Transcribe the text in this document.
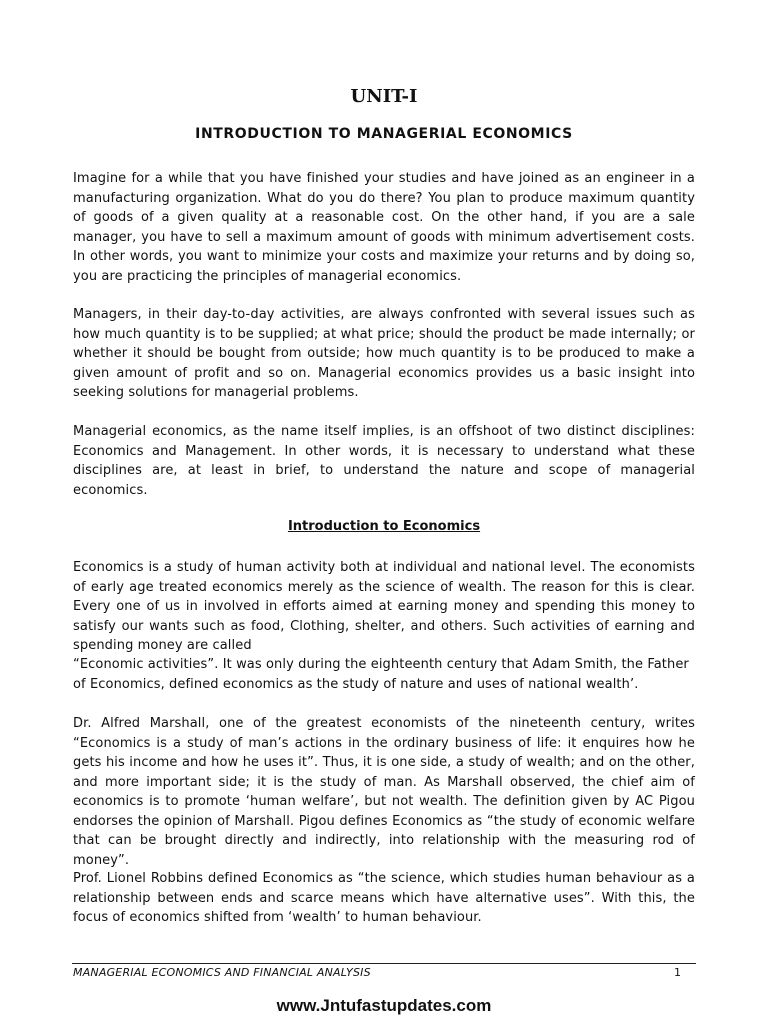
UNIT-I
INTRODUCTION TO MANAGERIAL ECONOMICS

Imagine for a while that you have finished your studies and have joined as an engineer in a manufacturing organization. What do you do there? You plan to produce maximum quantity of goods of a given quality at a reasonable cost. On the other hand, if you are a sale manager, you have to sell a maximum amount of goods with minimum advertisement costs. In other words, you want to minimize your costs and maximize your returns and by doing so, you are practicing the principles of managerial economics.

Managers, in their day-to-day activities, are always confronted with several issues such as how much quantity is to be supplied; at what price; should the product be made internally; or whether it should be bought from outside; how much quantity is to be produced to make a given amount of profit and so on. Managerial economics provides us a basic insight into seeking solutions for managerial problems.

Managerial economics, as the name itself implies, is an offshoot of two distinct disciplines: Economics and Management. In other words, it is necessary to understand what these disciplines are, at least in brief, to understand the nature and scope of managerial economics.

Introduction to Economics

Economics is a study of human activity both at individual and national level. The economists of early age treated economics merely as the science of wealth. The reason for this is clear. Every one of us in involved in efforts aimed at earning money and spending this money to satisfy our wants such as food, Clothing, shelter, and others. Such activities of earning and spending money are called

“Economic activities”. It was only during the eighteenth century that Adam Smith, the Father of Economics, defined economics as the study of nature and uses of national wealth’.

Dr. Alfred Marshall, one of the greatest economists of the nineteenth century, writes “Economics is a study of man’s actions in the ordinary business of life: it enquires how he gets his income and how he uses it”. Thus, it is one side, a study of wealth; and on the other, and more important side; it is the study of man. As Marshall observed, the chief aim of economics is to promote ‘human welfare’, but not wealth. The definition given by AC Pigou endorses the opinion of Marshall. Pigou defines Economics as “the study of economic welfare that can be brought directly and indirectly, into relationship with the measuring rod of money”.

Prof. Lionel Robbins defined Economics as “the science, which studies human behaviour as a relationship between ends and scarce means which have alternative uses”. With this, the focus of economics shifted from ‘wealth’ to human behaviour.

MANAGERIAL ECONOMICS AND FINANCIAL ANALYSIS	1
www.Jntufastupdates.com
